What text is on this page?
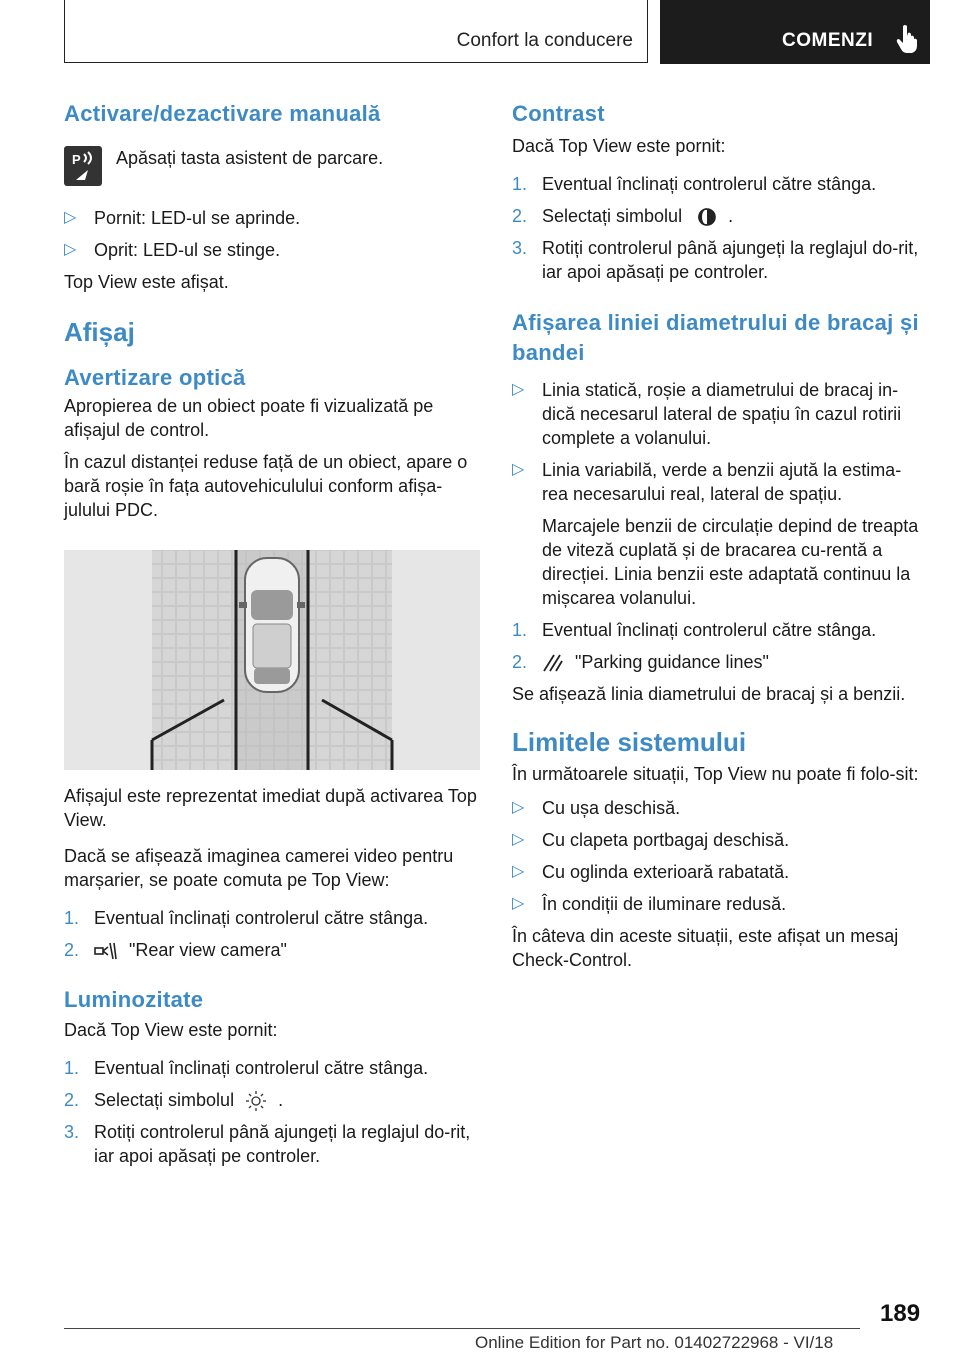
Confort la conducere	COMENZI
Activare/dezactivare manuală
P Apăsați tasta asistent de parcare.
▷ Pornit: LED-ul se aprinde.
▷ Oprit: LED-ul se stinge.

Top View este afișat.

Afișaj
Avertizare optică

Apropierea de un obiect poate fi vizualizată pe afișajul de control.

În cazul distanței reduse față de un obiect, apare o bară roșie în fața autovehiculului conform afișa-julului PDC.

Afișajul este reprezentat imediat după activarea Top View.

Dacă se afișează imaginea camerei video pentru marșarier, se poate comuta pe Top View:

1. Eventual înclinați controlerul către stânga.
2.	"Rear view camera"
Luminozitate

Dacă Top View este pornit:

1. Eventual înclinați controlerul către stânga.
2. Selectați simbolul .
3. Rotiți controlerul până ajungeți la reglajul do-rit, iar apoi apăsați pe controler.
Contrast

Dacă Top View este pornit:

1. Eventual înclinați controlerul către stânga.
2. Selectați simbolul	.
3. Rotiți controlerul până ajungeți la reglajul do-rit, iar apoi apăsați pe controler.
Afișarea liniei diametrului de bracaj și bandei
▷ Linia statică, roșie a diametrului de bracaj in-dică necesarul lateral de spațiu în cazul rotirii complete a volanului.
▷ Linia variabilă, verde a benzii ajută la estima-rea necesarului real, lateral de spațiu.

Marcajele benzii de circulație depind de treapta de viteză cuplată și de bracarea cu-rentă a direcției. Linia benzii este adaptată continuu la mișcarea volanului.

1. Eventual înclinați controlerul către stânga.
2.	"Parking guidance lines"

Se afișează linia diametrului de bracaj și a benzii.

Limitele sistemului

În următoarele situații, Top View nu poate fi folo-sit:

▷ Cu ușa deschisă.
▷ Cu clapeta portbagaj deschisă.
▷ Cu oglinda exterioară rabatată.
▷ În condiții de iluminare redusă.

În câteva din aceste situații, este afișat un mesaj Check-Control.

189
Online Edition for Part no. 01402722968 - VI/18
